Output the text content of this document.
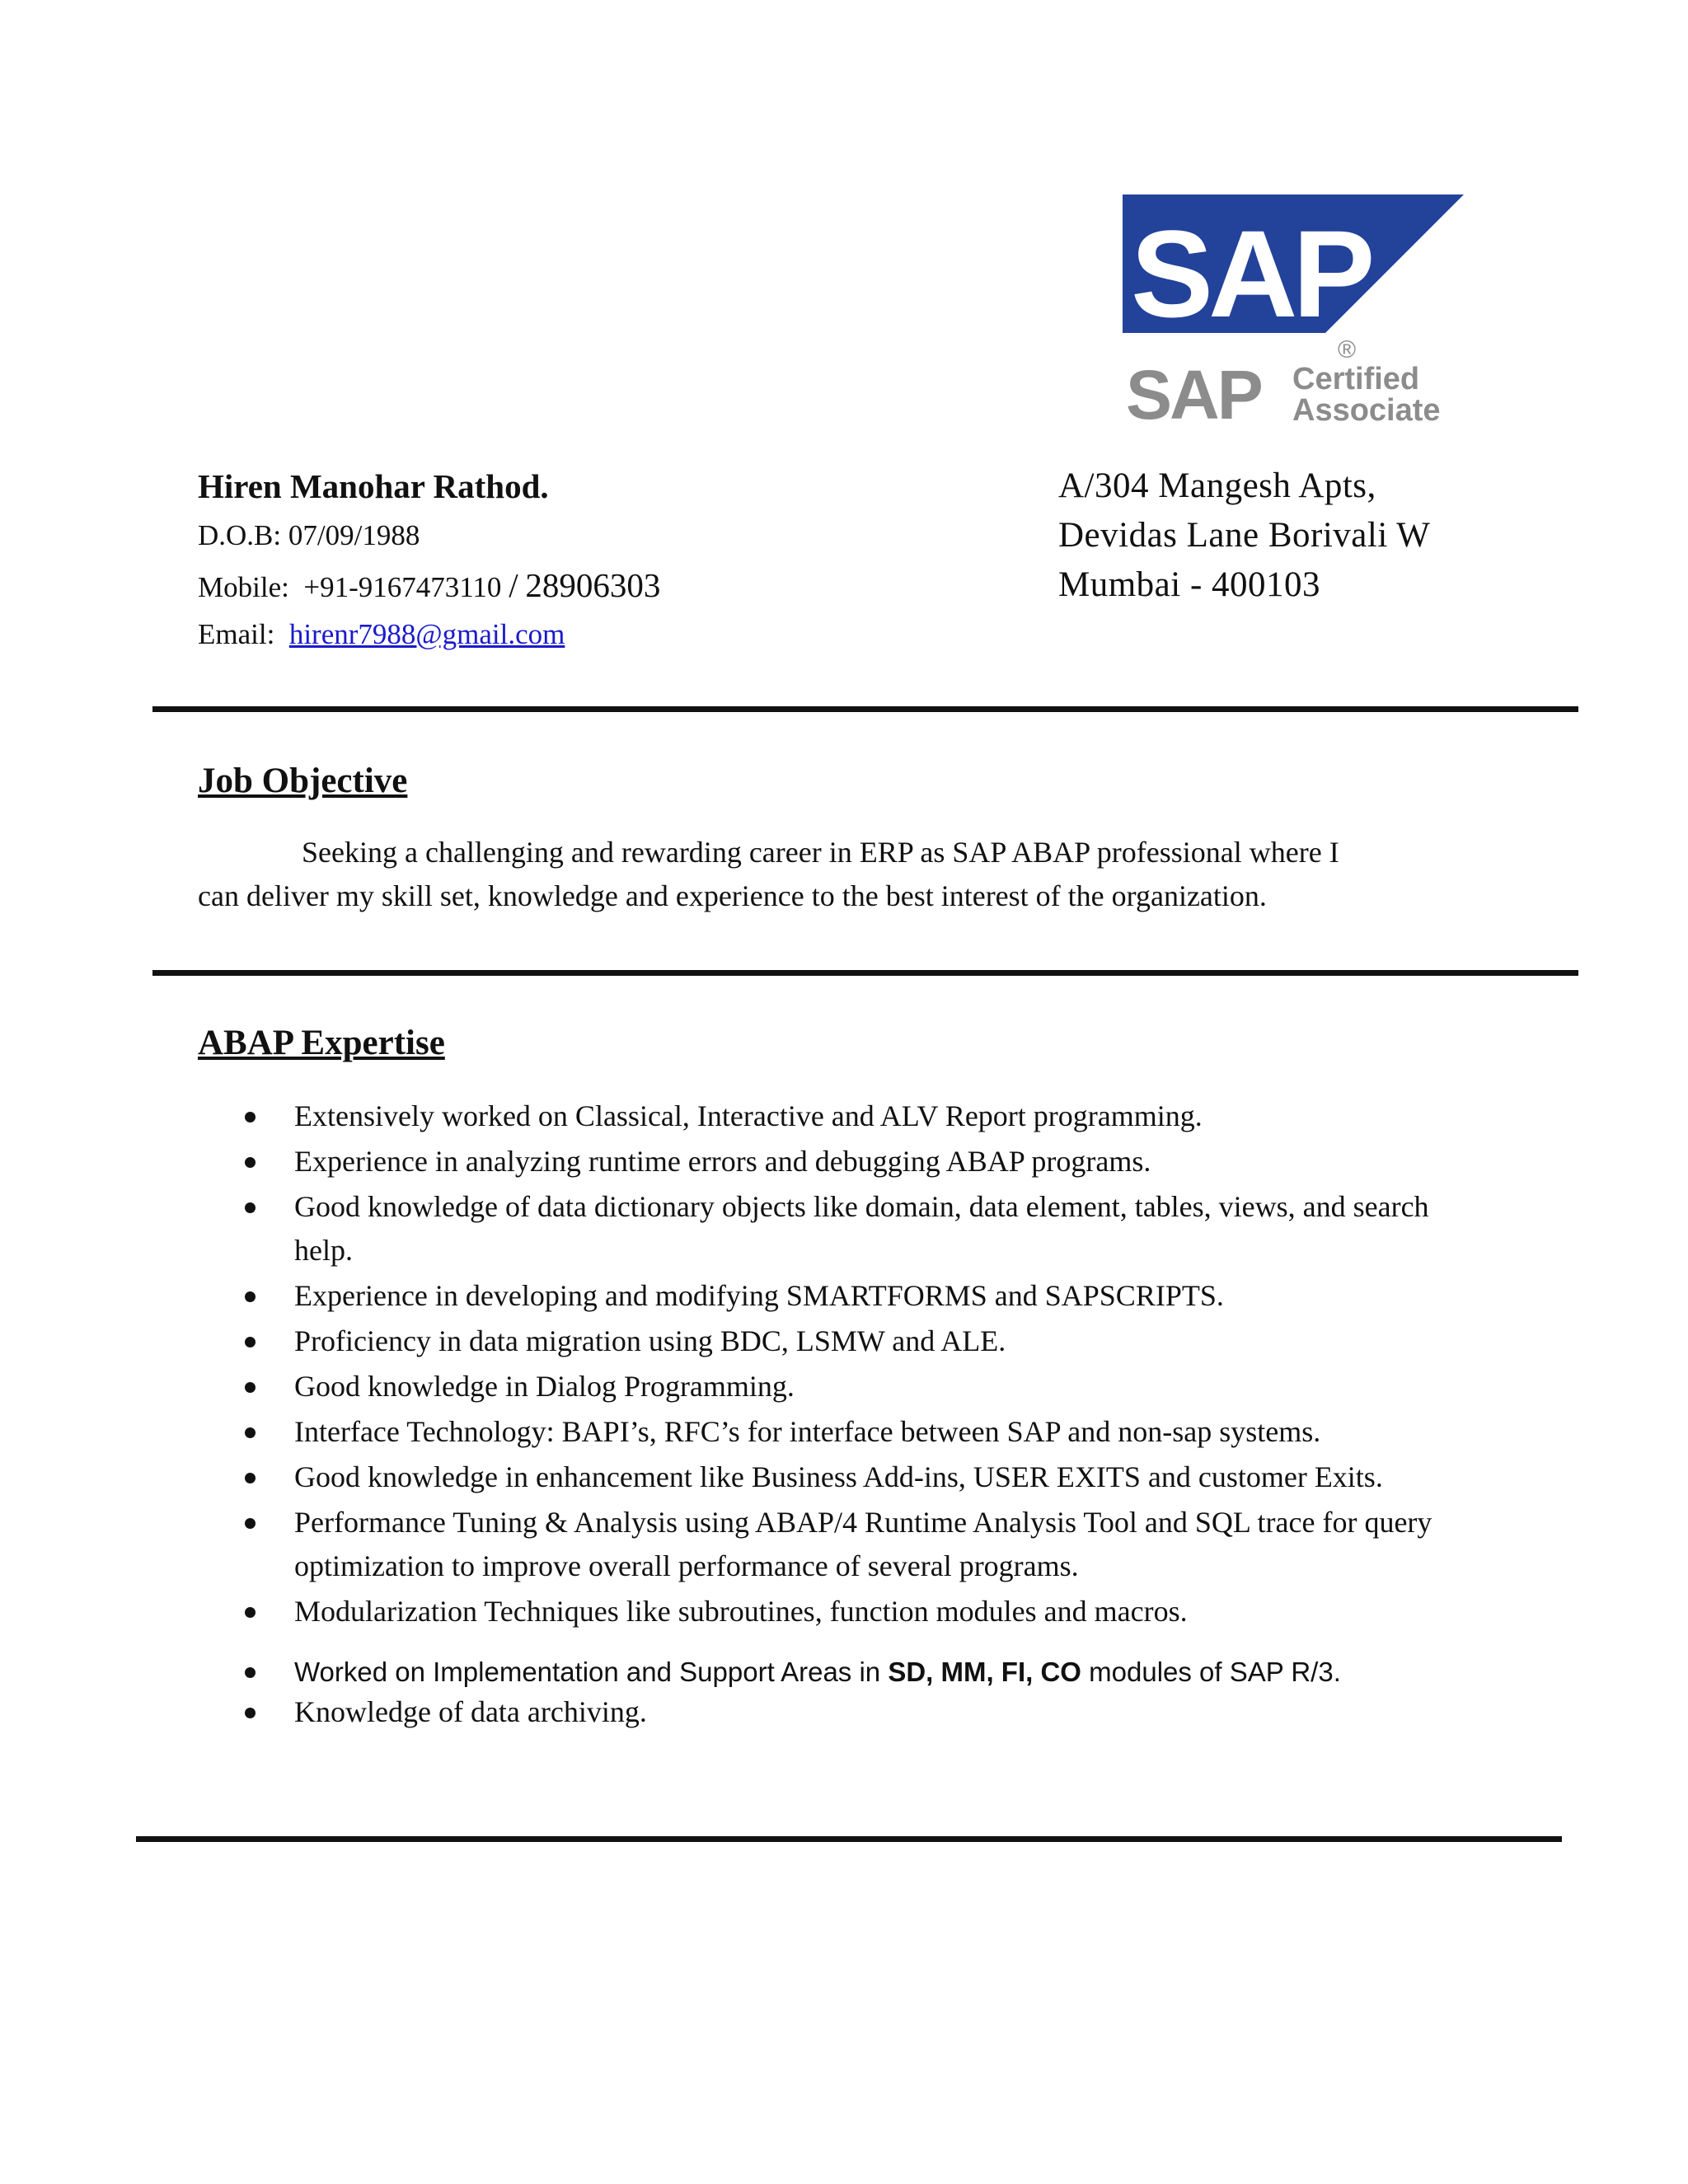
SAP
®
SAP Certified
Associate
Hiren Manohar Rathod.
D.O.B: 07/09/1988
Mobile: +91-9167473110 / 28906303
Email: hirenr7988@gmail.com
A/304 Mangesh Apts,
Devidas Lane Borivali W
Mumbai - 400103
Job Objective
Seeking a challenging and rewarding career in ERP as SAP ABAP professional where I
can deliver my skill set, knowledge and experience to the best interest of the organization.
ABAP Expertise
Extensively worked on Classical, Interactive and ALV Report programming.
Experience in analyzing runtime errors and debugging ABAP programs.
Good knowledge of data dictionary objects like domain, data element, tables, views, and search help.
Experience in developing and modifying SMARTFORMS and SAPSCRIPTS.
Proficiency in data migration using BDC, LSMW and ALE.
Good knowledge in Dialog Programming.
Interface Technology: BAPI’s, RFC’s for interface between SAP and non-sap systems.
Good knowledge in enhancement like Business Add-ins, USER EXITS and customer Exits.
Performance Tuning & Analysis using ABAP/4 Runtime Analysis Tool and SQL trace for query optimization to improve overall performance of several programs.
Modularization Techniques like subroutines, function modules and macros.
Worked on Implementation and Support Areas in SD, MM, FI, CO modules of SAP R/3.
Knowledge of data archiving.
